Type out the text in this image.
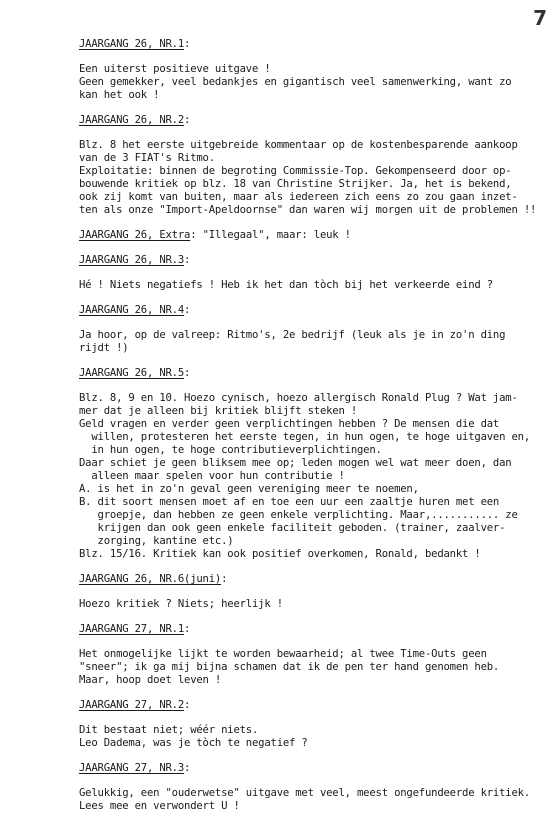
7
JAARGANG 26, NR.1:
Een uiterst positieve uitgave !
Geen gemekker, veel bedankjes en gigantisch veel samenwerking, want zo
kan het ook !
JAARGANG 26, NR.2:
Blz. 8 het eerste uitgebreide kommentaar op de kostenbesparende aankoop
van de 3 FIAT's Ritmo.
Exploitatie: binnen de begroting Commissie-Top. Gekompenseerd door op-
bouwende kritiek op blz. 18 van Christine Strijker. Ja, het is bekend,
ook zij komt van buiten, maar als iedereen zich eens zo zou gaan inzet-
ten als onze "Import-Apeldoornse" dan waren wij morgen uit de problemen !!
JAARGANG 26, Extra: "Illegaal", maar: leuk !
JAARGANG 26, NR.3:
Hé ! Niets negatiefs ! Heb ik het dan tòch bij het verkeerde eind ?
JAARGANG 26, NR.4:
Ja hoor, op de valreep: Ritmo's, 2e bedrijf (leuk als je in zo'n ding
rijdt !)
JAARGANG 26, NR.5:
Blz. 8, 9 en 10. Hoezo cynisch, hoezo allergisch Ronald Plug ? Wat jam-
mer dat je alleen bij kritiek blijft steken !
Geld vragen en verder geen verplichtingen hebben ? De mensen die dat
willen, protesteren het eerste tegen, in hun ogen, te hoge uitgaven en,
in hun ogen, te hoge contributieverplichtingen.
Daar schiet je geen bliksem mee op; leden mogen wel wat meer doen, dan
alleen maar spelen voor hun contributie !
A. is het in zo'n geval geen vereniging meer te noemen,
B. dit soort mensen moet af en toe een uur een zaaltje huren met een
groepje, dan hebben ze geen enkele verplichting. Maar,........... ze
krijgen dan ook geen enkele faciliteit geboden. (trainer, zaalver-
zorging, kantine etc.)
Blz. 15/16. Kritiek kan ook positief overkomen, Ronald, bedankt !
JAARGANG 26, NR.6(juni):
Hoezo kritiek ? Niets; heerlijk !
JAARGANG 27, NR.1:
Het onmogelijke lijkt te worden bewaarheid; al twee Time-Outs geen
"sneer"; ik ga mij bijna schamen dat ik de pen ter hand genomen heb.
Maar, hoop doet leven !
JAARGANG 27, NR.2:
Dit bestaat niet; wéér niets.
Leo Dadema, was je tòch te negatief ?
JAARGANG 27, NR.3:
Gelukkig, een "ouderwetse" uitgave met veel, meest ongefundeerde kritiek.
Lees mee en verwondert U !
